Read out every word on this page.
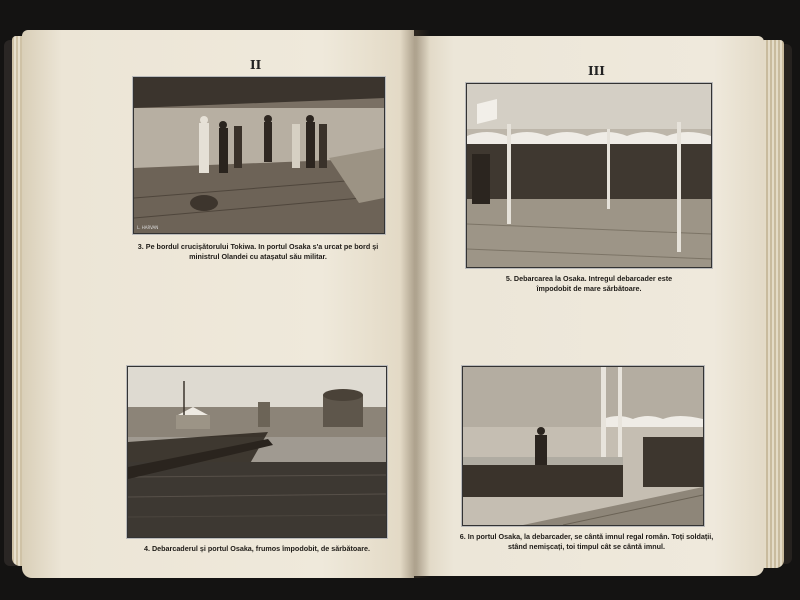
II
L. HARVAN
3. Pe bordul crucișătorului Tokiwa. In portul Osaka s'a urcat pe bord și
ministrul Olandei cu atașatul său militar.
4. Debarcaderul și portul Osaka, frumos împodobit, de sărbătoare.
III
5. Debarcarea la Osaka. Intregul debarcader este
împodobit de mare sărbătoare.
6. In portul Osaka, la debarcader, se cântă imnul regal român. Toți soldații,
stând nemișcați, toi timpul cât se cântă imnul.
